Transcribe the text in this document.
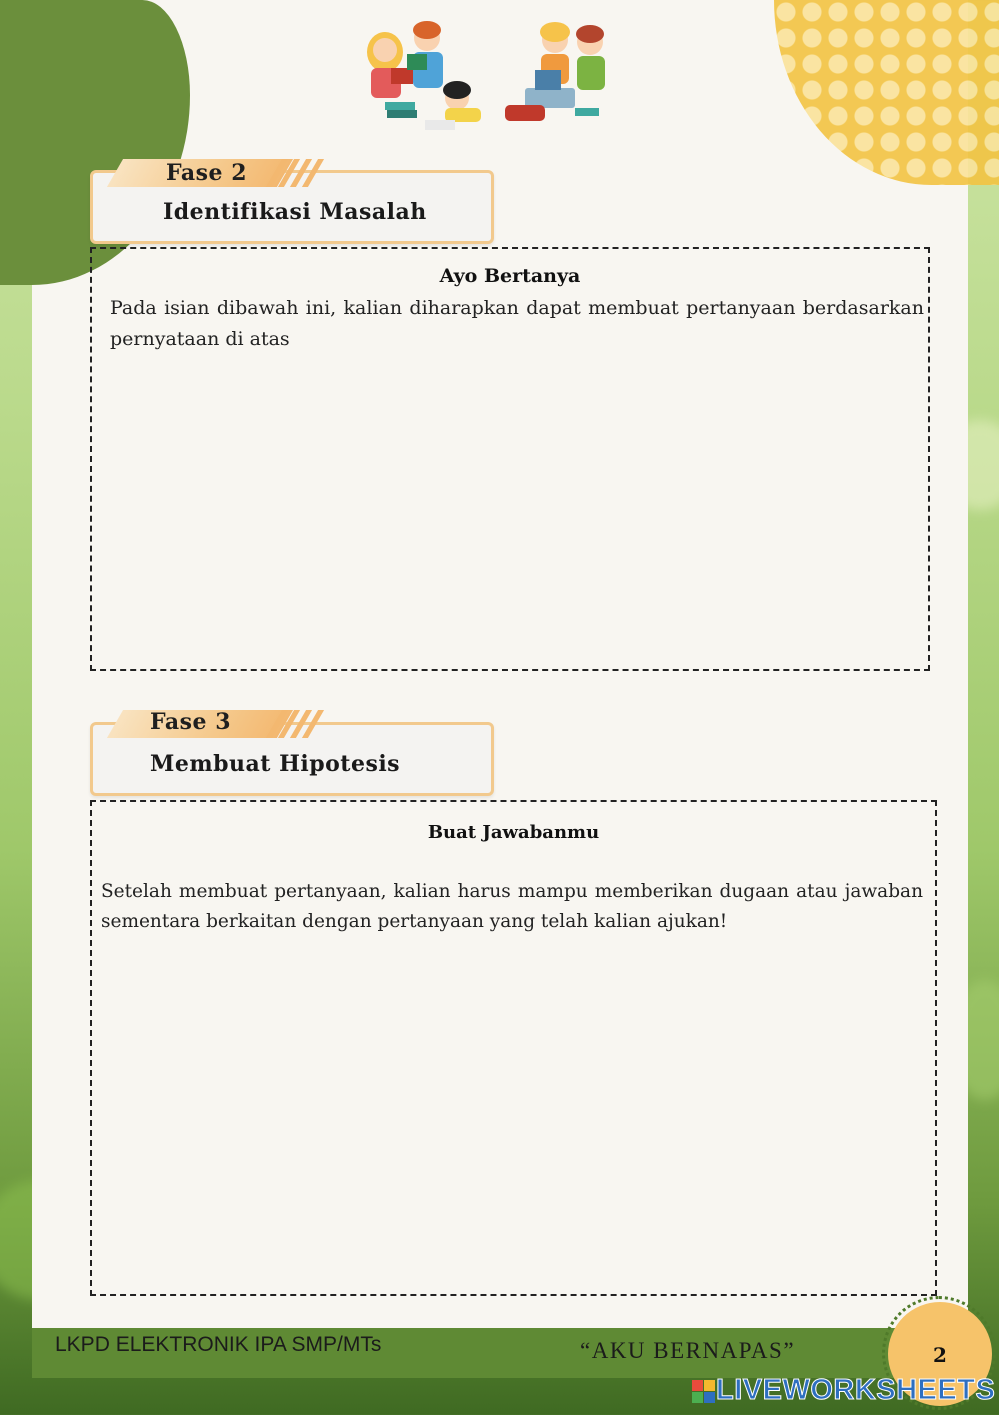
Fase 2
Identifikasi Masalah
Ayo Bertanya
Pada isian dibawah ini, kalian diharapkan dapat membuat pertanyaan berdasarkan pernyataan di atas
Fase 3
Membuat Hipotesis
Buat Jawabanmu
Setelah membuat pertanyaan, kalian harus mampu memberikan dugaan atau jawaban sementara berkaitan dengan pertanyaan yang telah kalian ajukan!
LKPD ELEKTRONIK IPA SMP/MTs	“AKU BERNAPAS”	2
LIVEWORKSHEETS
